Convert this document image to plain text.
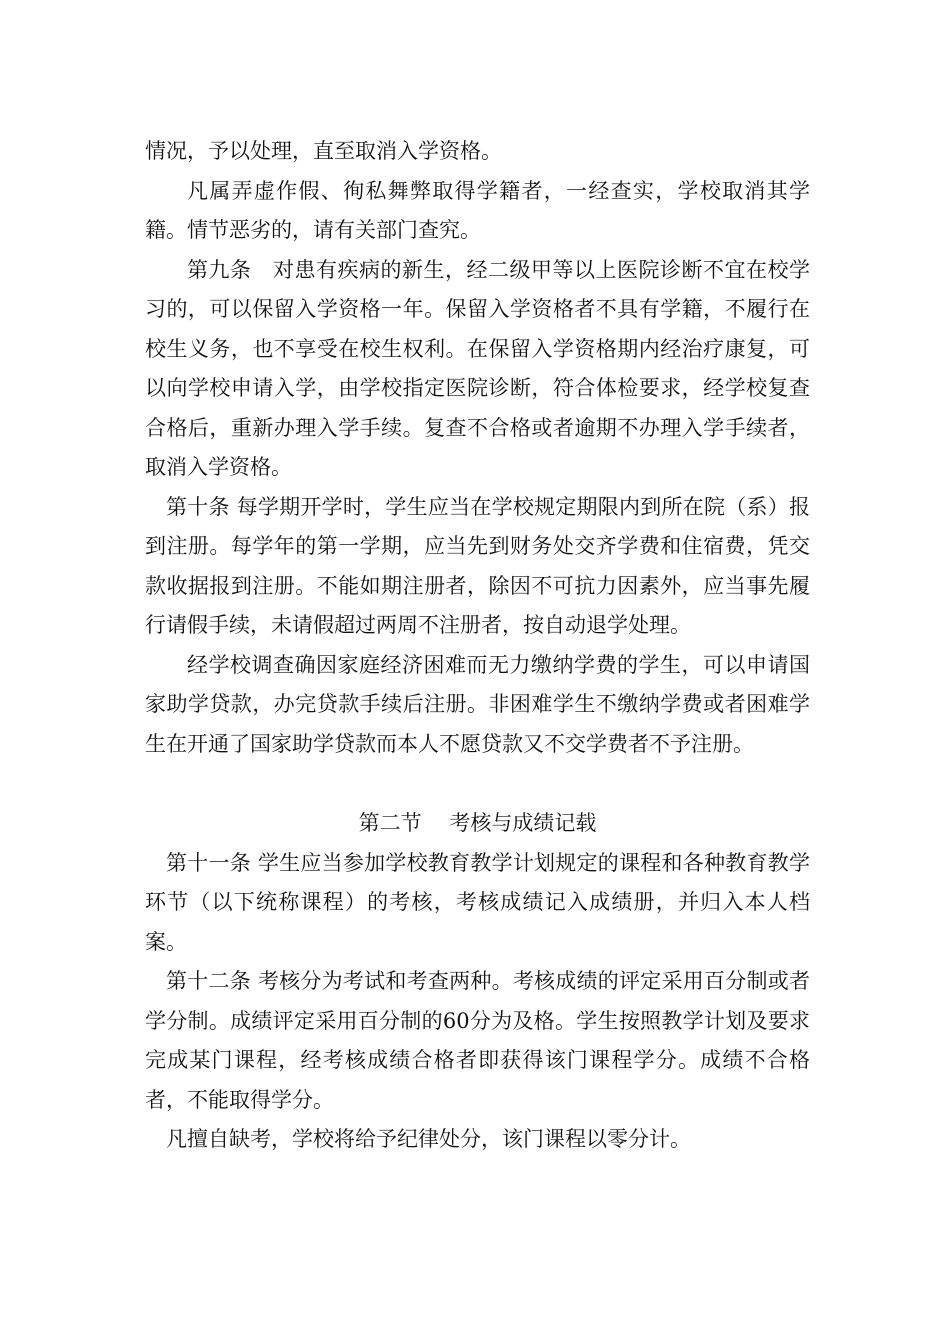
情况，予以处理，直至取消入学资格。

凡属弄虚作假、徇私舞弊取得学籍者，一经查实，学校取消其学籍。情节恶劣的，请有关部门查究。

第九条　对患有疾病的新生，经二级甲等以上医院诊断不宜在校学习的，可以保留入学资格一年。保留入学资格者不具有学籍，不履行在校生义务，也不享受在校生权利。在保留入学资格期内经治疗康复，可以向学校申请入学，由学校指定医院诊断，符合体检要求，经学校复查合格后，重新办理入学手续。复查不合格或者逾期不办理入学手续者，取消入学资格。

第十条 每学期开学时，学生应当在学校规定期限内到所在院（系）报到注册。每学年的第一学期，应当先到财务处交齐学费和住宿费，凭交款收据报到注册。不能如期注册者，除因不可抗力因素外，应当事先履行请假手续，未请假超过两周不注册者，按自动退学处理。

经学校调查确因家庭经济困难而无力缴纳学费的学生，可以申请国家助学贷款，办完贷款手续后注册。非困难学生不缴纳学费或者困难学生在开通了国家助学贷款而本人不愿贷款又不交学费者不予注册。

第二节　 考核与成绩记载

第十一条 学生应当参加学校教育教学计划规定的课程和各种教育教学环节（以下统称课程）的考核，考核成绩记入成绩册，并归入本人档案。

第十二条 考核分为考试和考查两种。考核成绩的评定采用百分制或者学分制。成绩评定采用百分制的60分为及格。学生按照教学计划及要求完成某门课程，经考核成绩合格者即获得该门课程学分。成绩不合格者，不能取得学分。

凡擅自缺考，学校将给予纪律处分，该门课程以零分计。
